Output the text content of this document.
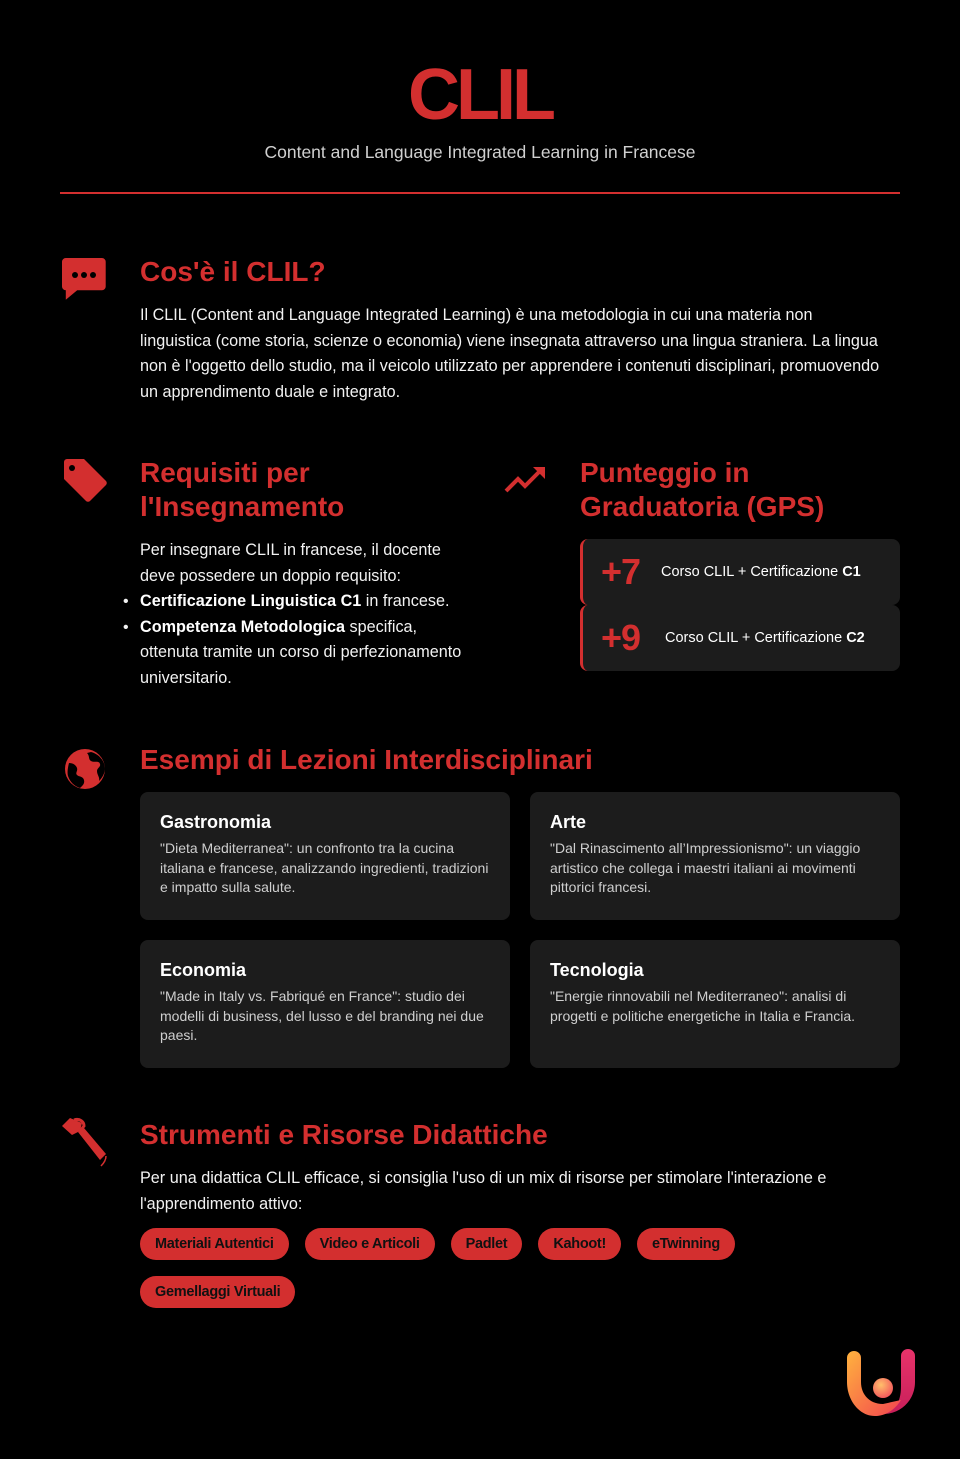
CLIL
Content and Language Integrated Learning in Francese
Cos'è il CLIL?
Il CLIL (Content and Language Integrated Learning) è una metodologia in cui una materia non linguistica (come storia, scienze o economia) viene insegnata attraverso una lingua straniera. La lingua non è l'oggetto dello studio, ma il veicolo utilizzato per apprendere i contenuti disciplinari, promuovendo un apprendimento duale e integrato.
Requisiti per l'Insegnamento
Per insegnare CLIL in francese, il docente deve possedere un doppio requisito:
• Certificazione Linguistica C1 in francese.
• Competenza Metodologica specifica, ottenuta tramite un corso di perfezionamento universitario.
Punteggio in Graduatoria (GPS)
+7	Corso CLIL + Certificazione C1
+9	Corso CLIL + Certificazione C2
Esempi di Lezioni Interdisciplinari
Gastronomia
"Dieta Mediterranea": un confronto tra la cucina italiana e francese, analizzando ingredienti, tradizioni e impatto sulla salute.
Arte
"Dal Rinascimento all’Impressionismo": un viaggio artistico che collega i maestri italiani ai movimenti pittorici francesi.
Economia
"Made in Italy vs. Fabriqué en France": studio dei modelli di business, del lusso e del branding nei due paesi.
Tecnologia
"Energie rinnovabili nel Mediterraneo": analisi di progetti e politiche energetiche in Italia e Francia.
Strumenti e Risorse Didattiche
Per una didattica CLIL efficace, si consiglia l'uso di un mix di risorse per stimolare l'interazione e l'apprendimento attivo:
Materiali Autentici	Video e Articoli	Padlet	Kahoot!	eTwinning
Gemellaggi Virtuali
